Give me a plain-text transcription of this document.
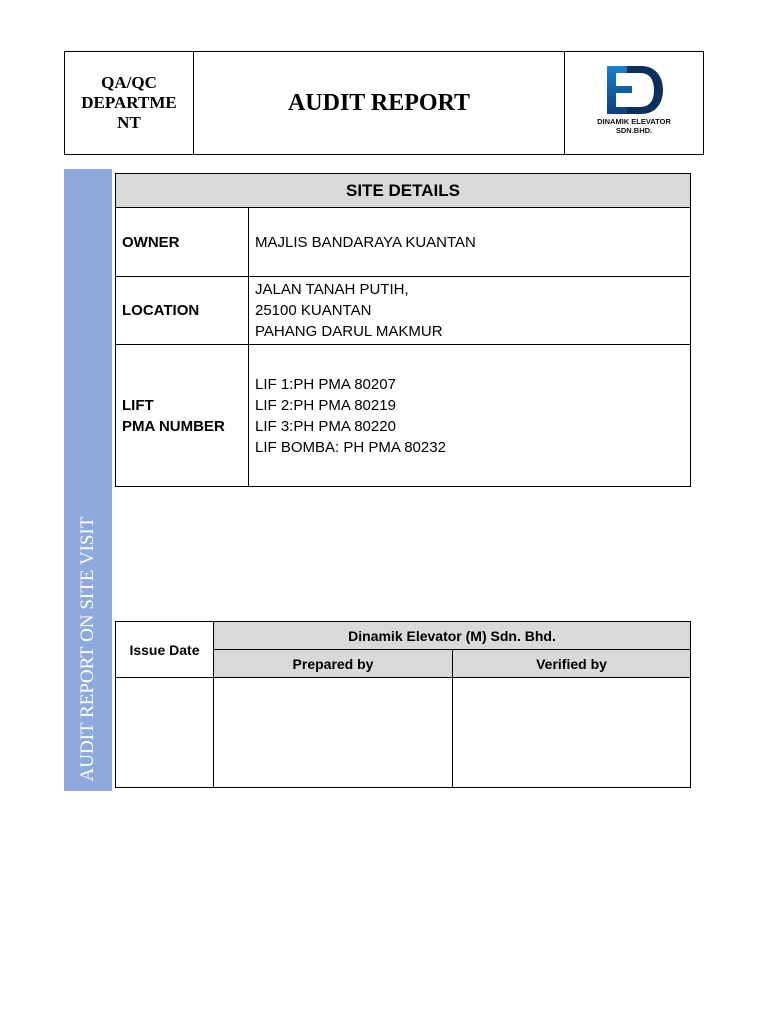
QA/QC
DEPARTME
NT
AUDIT REPORT
DINAMIK ELEVATOR
SDN.BHD.
AUDIT REPORT ON SITE VISIT
SITE DETAILS	
OWNER	MAJLIS BANDARAYA KUANTAN
LOCATION	JALAN TANAH PUTIH,
25100 KUANTAN
PAHANG DARUL MAKMUR

LIFT
PMA NUMBER	LIF 1:PH PMA 80207
LIF 2:PH PMA 80219
LIF 3:PH PMA 80220
LIF BOMBA: PH PMA 80232
Issue Date	Dinamik Elevator (M) Sdn. Bhd.	
	Prepared by	Verified by
